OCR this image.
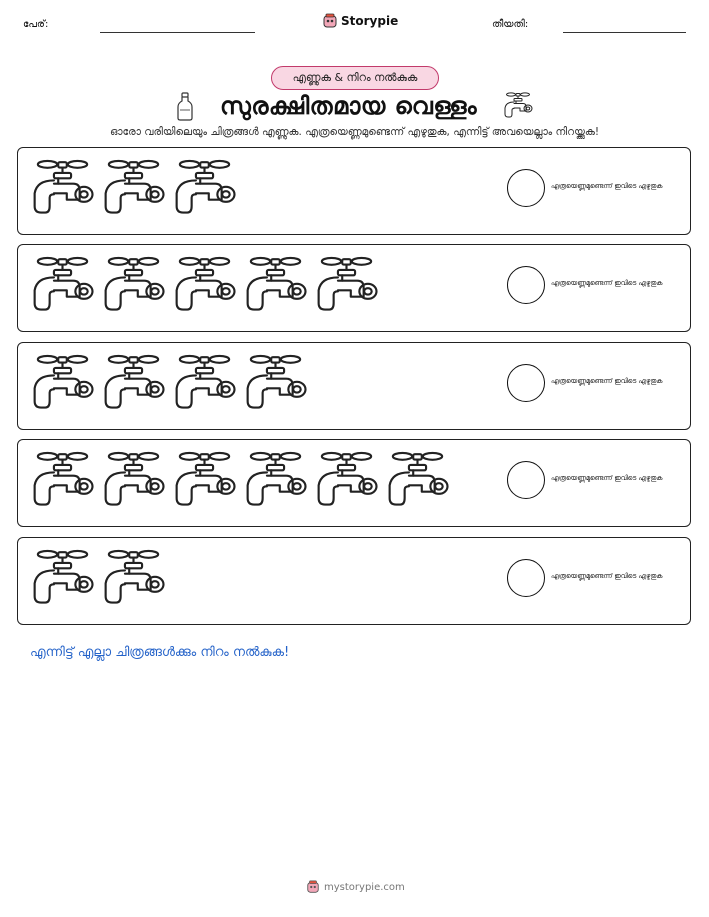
പേര്:	Storypie	തീയതി:
എണ്ണുക & നിറം നൽകുക
സുരക്ഷിതമായ വെള്ളം
ഓരോ വരിയിലെയും ചിത്രങ്ങൾ എണ്ണുക. എത്രയെണ്ണമുണ്ടെന്ന് എഴുതുക, എന്നിട്ട് അവയെല്ലാം നിറയ്ക്കുക!
എത്രയെണ്ണമുണ്ടെന്ന് ഇവിടെ എഴുതുക
എത്രയെണ്ണമുണ്ടെന്ന് ഇവിടെ എഴുതുക
എത്രയെണ്ണമുണ്ടെന്ന് ഇവിടെ എഴുതുക
എത്രയെണ്ണമുണ്ടെന്ന് ഇവിടെ എഴുതുക
എത്രയെണ്ണമുണ്ടെന്ന് ഇവിടെ എഴുതുക
എന്നിട്ട് എല്ലാ ചിത്രങ്ങൾക്കും നിറം നൽകുക!
mystorypie.com
